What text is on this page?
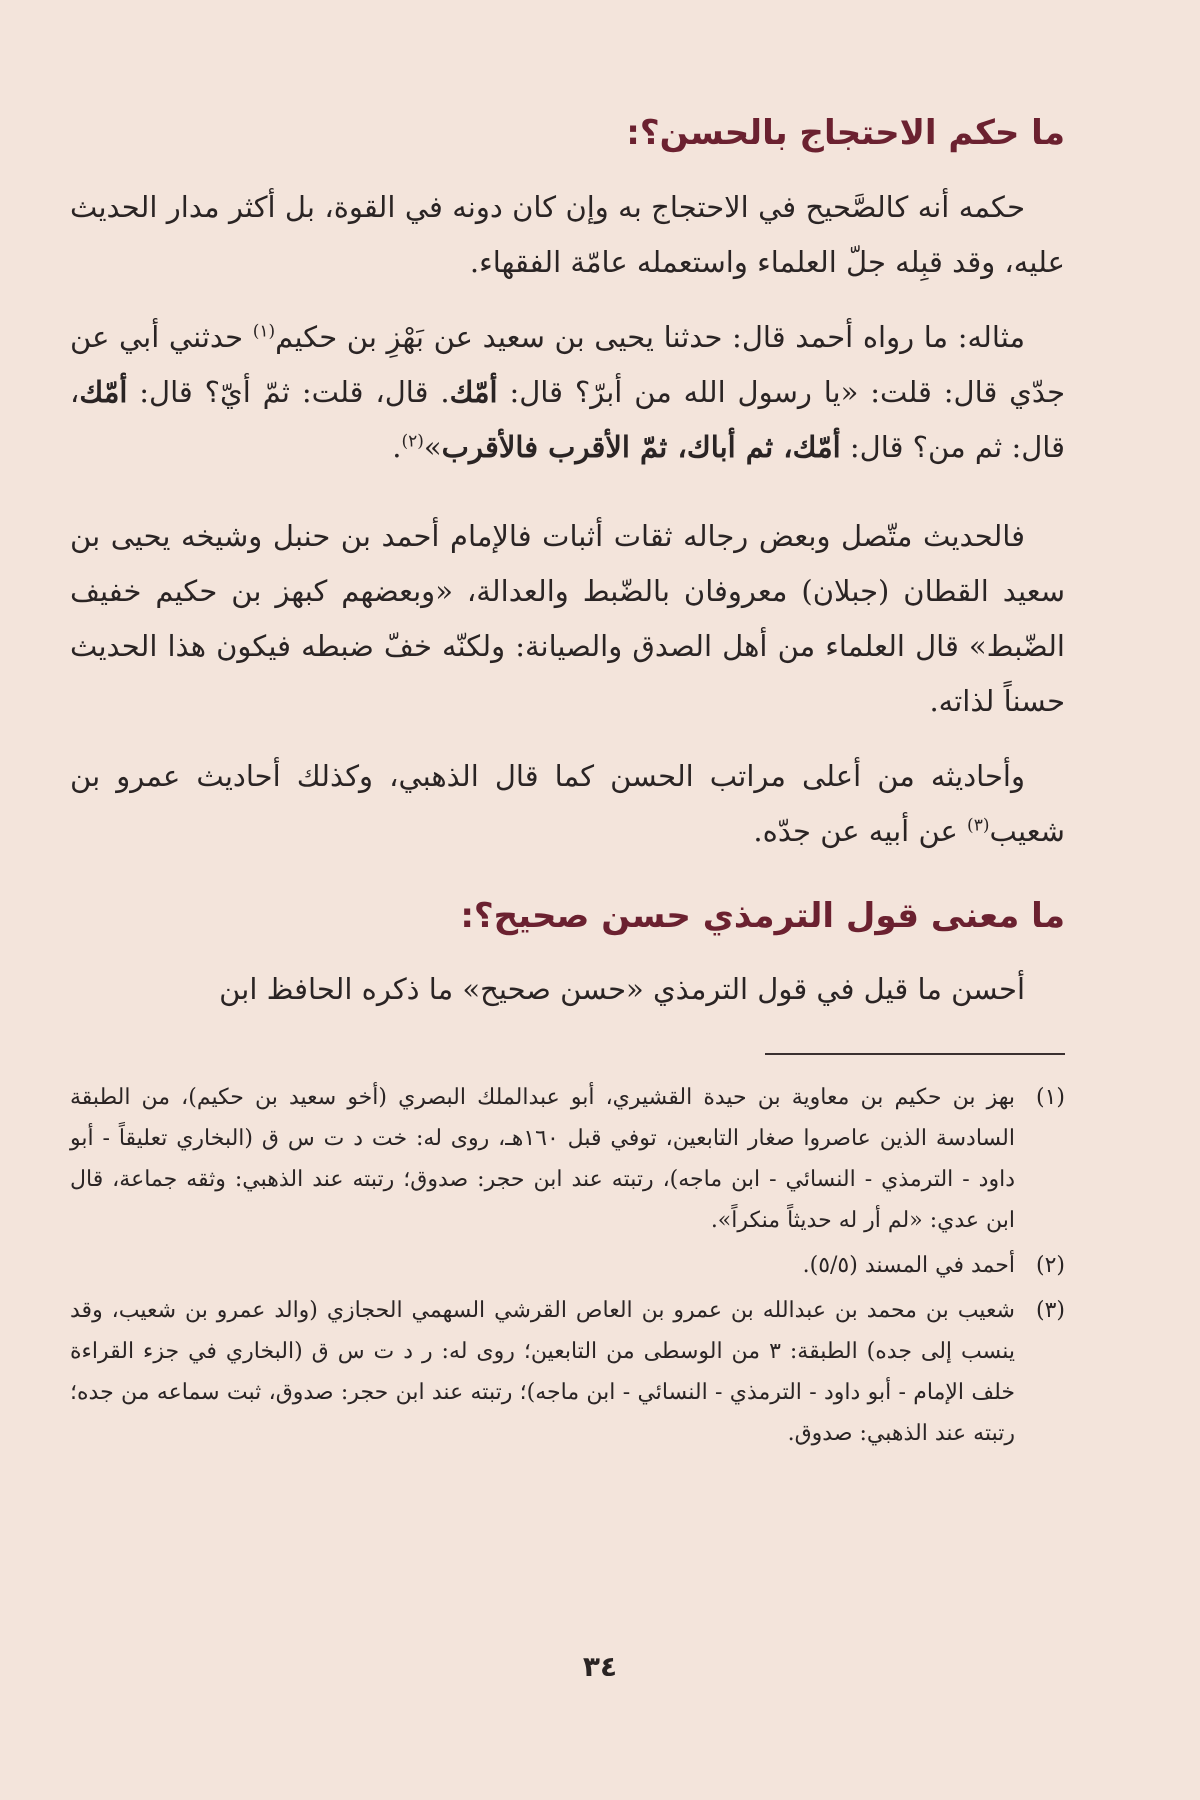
ما حكم الاحتجاج بالحسن؟:

حكمه أنه كالصَّحيح في الاحتجاج به وإن كان دونه في القوة، بل أكثر مدار الحديث عليه، وقد قبِله جلّ العلماء واستعمله عامّة الفقهاء.

مثاله: ما رواه أحمد قال: حدثنا يحيى بن سعيد عن بَهْزِ بن حكيم$^{(١)}$ حدثني أبي عن جدّي قال: قلت: «يا رسول الله من أبرّ؟ قال: أمّك. قال، قلت: ثمّ أيّ؟ قال: أمّك، قال: ثم من؟ قال: أمّك، ثم أباك، ثمّ الأقرب فالأقرب»$^{(٢)}$.

فالحديث متّصل وبعض رجاله ثقات أثبات فالإمام أحمد بن حنبل وشيخه يحيى بن سعيد القطان (جبلان) معروفان بالضّبط والعدالة، «وبعضهم كبهز بن حكيم خفيف الضّبط» قال العلماء من أهل الصدق والصيانة: ولكنّه خفّ ضبطه فيكون هذا الحديث حسناً لذاته.

وأحاديثه من أعلى مراتب الحسن كما قال الذهبي، وكذلك أحاديث عمرو بن شعيب$^{(٣)}$ عن أبيه عن جدّه.

ما معنى قول الترمذي حسن صحيح؟:

أحسن ما قيل في قول الترمذي «حسن صحيح» ما ذكره الحافظ ابن

(١)
بهز بن حكيم بن معاوية بن حيدة القشيري، أبو عبدالملك البصري (أخو سعيد بن حكيم)، من الطبقة السادسة الذين عاصروا صغار التابعين، توفي قبل ١٦٠هـ، روى له: خت د ت س ق (البخاري تعليقاً - أبو داود - الترمذي - النسائي - ابن ماجه)، رتبته عند ابن حجر: صدوق؛ رتبته عند الذهبي: وثقه جماعة، قال ابن عدي: «لم أر له حديثاً منكراً».
(٢)
أحمد في المسند (٥/٥).
(٣)
شعيب بن محمد بن عبدالله بن عمرو بن العاص القرشي السهمي الحجازي (والد عمرو بن شعيب، وقد ينسب إلى جده) الطبقة: ٣ من الوسطى من التابعين؛ روى له: ر د ت س ق (البخاري في جزء القراءة خلف الإمام - أبو داود - الترمذي - النسائي - ابن ماجه)؛ رتبته عند ابن حجر: صدوق، ثبت سماعه من جده؛ رتبته عند الذهبي: صدوق.
٣٤
